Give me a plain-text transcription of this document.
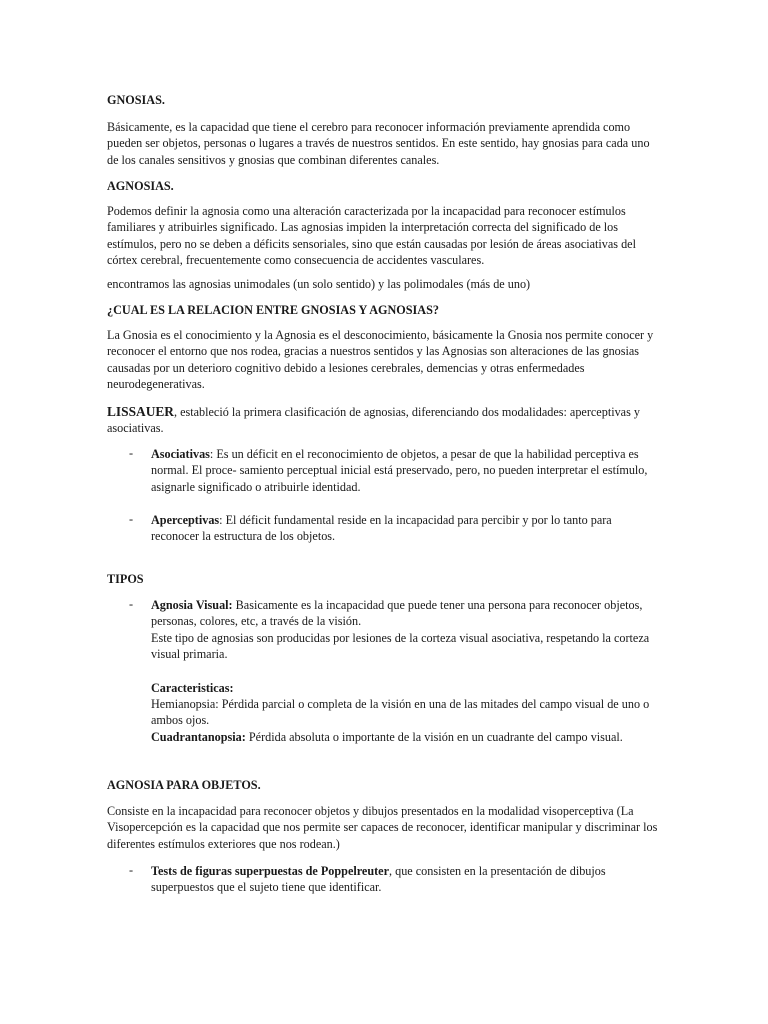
GNOSIAS.

Básicamente, es la capacidad que tiene el cerebro para reconocer información previamente aprendida como pueden ser objetos, personas o lugares a través de nuestros sentidos. En este sentido, hay gnosias para cada uno de los canales sensitivos y gnosias que combinan diferentes canales.

AGNOSIAS.

Podemos definir la agnosia como una alteración caracterizada por la incapacidad para reconocer estímulos familiares y atribuirles significado. Las agnosias impiden la interpretación correcta del significado de los estímulos, pero no se deben a déficits sensoriales, sino que están causadas por lesión de áreas asociativas del córtex cerebral, frecuentemente como consecuencia de accidentes vasculares.

encontramos las agnosias unimodales (un solo sentido) y las polimodales (más de uno)
¿CUAL ES LA RELACION ENTRE GNOSIAS Y AGNOSIAS?

La Gnosia es el conocimiento y la Agnosia es el desconocimiento, básicamente la Gnosia nos permite conocer y reconocer el entorno que nos rodea, gracias a nuestros sentidos y las Agnosias son alteraciones de las gnosias causadas por un deterioro cognitivo debido a lesiones cerebrales, demencias y otras enfermedades neurodegenerativas.

LISSAUER, estableció la primera clasificación de agnosias, diferenciando dos modalidades: aperceptivas y asociativas.

- Asociativas: Es un déficit en el reconocimiento de objetos, a pesar de que la habilidad perceptiva es normal. El proce- samiento perceptual inicial está preservado, pero, no pueden interpretar el estímulo, asignarle significado o atribuirle identidad.

- Aperceptivas: El déficit fundamental reside en la incapacidad para percibir y por lo tanto para reconocer la estructura de los objetos.

TIPOS
- Agnosia Visual: Basicamente es la incapacidad que puede tener una persona para reconocer objetos, personas, colores, etc, a través de la visión.

Este tipo de agnosias son producidas por lesiones de la corteza visual asociativa, respetando la corteza visual primaria.

Caracteristicas:

Hemianopsia: Pérdida parcial o completa de la visión en una de las mitades del campo visual de uno o ambos ojos.

Cuadrantanopsia: Pérdida absoluta o importante de la visión en un cuadrante del campo visual.

AGNOSIA PARA OBJETOS.

Consiste en la incapacidad para reconocer objetos y dibujos presentados en la modalidad visoperceptiva (La Visopercepción es la capacidad que nos permite ser capaces de reconocer, identificar manipular y discriminar los diferentes estímulos exteriores que nos rodean.)

- Tests de figuras superpuestas de Poppelreuter, que consisten en la presentación de dibujos superpuestos que el sujeto tiene que identificar.
